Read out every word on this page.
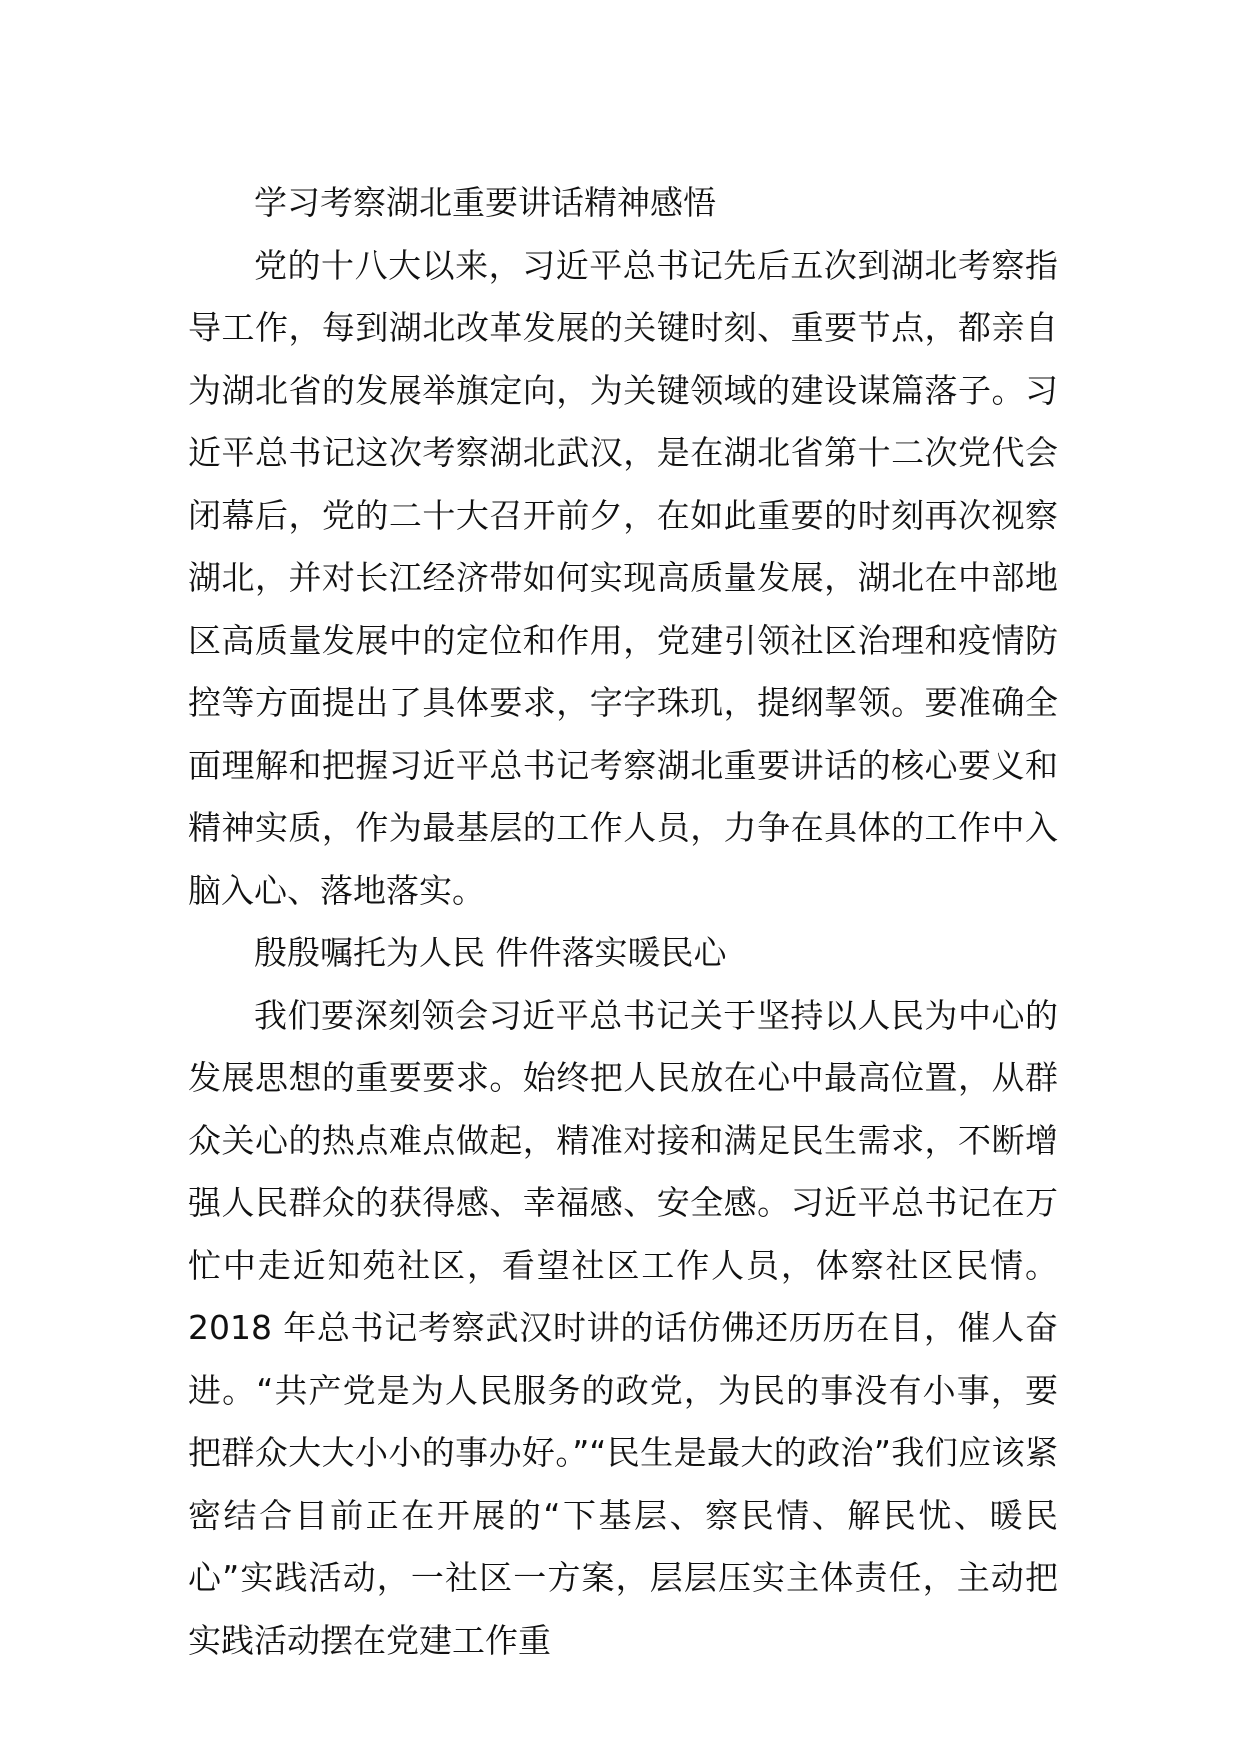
学习考察湖北重要讲话精神感悟

党的十八大以来，习近平总书记先后五次到湖北考察指导工作，每到湖北改革发展的关键时刻、重要节点，都亲自为湖北省的发展举旗定向，为关键领域的建设谋篇落子。习近平总书记这次考察湖北武汉，是在湖北省第十二次党代会闭幕后，党的二十大召开前夕，在如此重要的时刻再次视察湖北，并对长江经济带如何实现高质量发展，湖北在中部地区高质量发展中的定位和作用，党建引领社区治理和疫情防控等方面提出了具体要求，字字珠玑，提纲挈领。要准确全面理解和把握习近平总书记考察湖北重要讲话的核心要义和精神实质，作为最基层的工作人员，力争在具体的工作中入脑入心、落地落实。

殷殷嘱托为人民 件件落实暖民心

我们要深刻领会习近平总书记关于坚持以人民为中心的发展思想的重要要求。始终把人民放在心中最高位置，从群众关心的热点难点做起，精准对接和满足民生需求，不断增强人民群众的获得感、幸福感、安全感。习近平总书记在万忙中走近知苑社区，看望社区工作人员，体察社区民情。2018 年总书记考察武汉时讲的话仿佛还历历在目，催人奋进。“共产党是为人民服务的政党，为民的事没有小事，要把群众大大小小的事办好。”“民生是最大的政治”我们应该紧密结合目前正在开展的“下基层、察民情、解民忧、暖民心”实践活动，一社区一方案，层层压实主体责任，主动把实践活动摆在党建工作重
